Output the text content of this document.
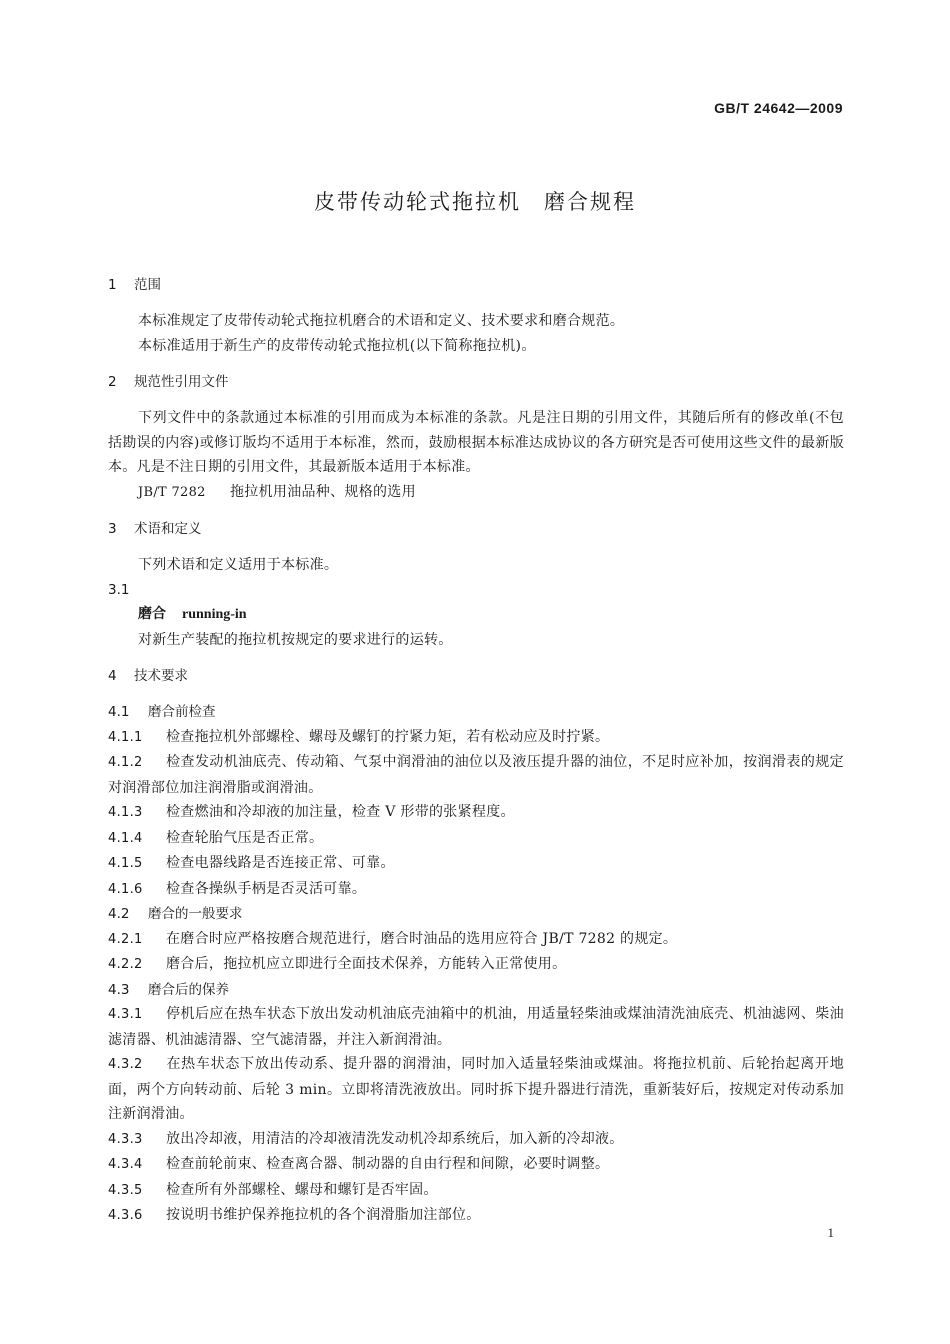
GB/T 24642—2009
皮带传动轮式拖拉机　磨合规程
1 范围
本标准规定了皮带传动轮式拖拉机磨合的术语和定义、技术要求和磨合规范。
本标准适用于新生产的皮带传动轮式拖拉机(以下简称拖拉机)。
2 规范性引用文件
下列文件中的条款通过本标准的引用而成为本标准的条款。凡是注日期的引用文件，其随后所有的修改单(不包括勘误的内容)或修订版均不适用于本标准，然而，鼓励根据本标准达成协议的各方研究是否可使用这些文件的最新版本。凡是不注日期的引用文件，其最新版本适用于本标准。
JB/T 7282 拖拉机用油品种、规格的选用
3 术语和定义
下列术语和定义适用于本标准。
3.1
磨合 running-in
对新生产装配的拖拉机按规定的要求进行的运转。
4 技术要求
4.1 磨合前检查
4.1.1 检查拖拉机外部螺栓、螺母及螺钉的拧紧力矩，若有松动应及时拧紧。
4.1.2 检查发动机油底壳、传动箱、气泵中润滑油的油位以及液压提升器的油位，不足时应补加，按润滑表的规定对润滑部位加注润滑脂或润滑油。
4.1.3 检查燃油和冷却液的加注量，检查 V 形带的张紧程度。
4.1.4 检查轮胎气压是否正常。
4.1.5 检查电器线路是否连接正常、可靠。
4.1.6 检查各操纵手柄是否灵活可靠。
4.2 磨合的一般要求
4.2.1 在磨合时应严格按磨合规范进行，磨合时油品的选用应符合 JB/T 7282 的规定。
4.2.2 磨合后，拖拉机应立即进行全面技术保养，方能转入正常使用。
4.3 磨合后的保养
4.3.1 停机后应在热车状态下放出发动机油底壳油箱中的机油，用适量轻柴油或煤油清洗油底壳、机油滤网、柴油滤清器、机油滤清器、空气滤清器，并注入新润滑油。
4.3.2 在热车状态下放出传动系、提升器的润滑油，同时加入适量轻柴油或煤油。将拖拉机前、后轮抬起离开地面，两个方向转动前、后轮 3 min。立即将清洗液放出。同时拆下提升器进行清洗，重新装好后，按规定对传动系加注新润滑油。
4.3.3 放出冷却液，用清洁的冷却液清洗发动机冷却系统后，加入新的冷却液。
4.3.4 检查前轮前束、检查离合器、制动器的自由行程和间隙，必要时调整。
4.3.5 检查所有外部螺栓、螺母和螺钉是否牢固。
4.3.6 按说明书维护保养拖拉机的各个润滑脂加注部位。
1
